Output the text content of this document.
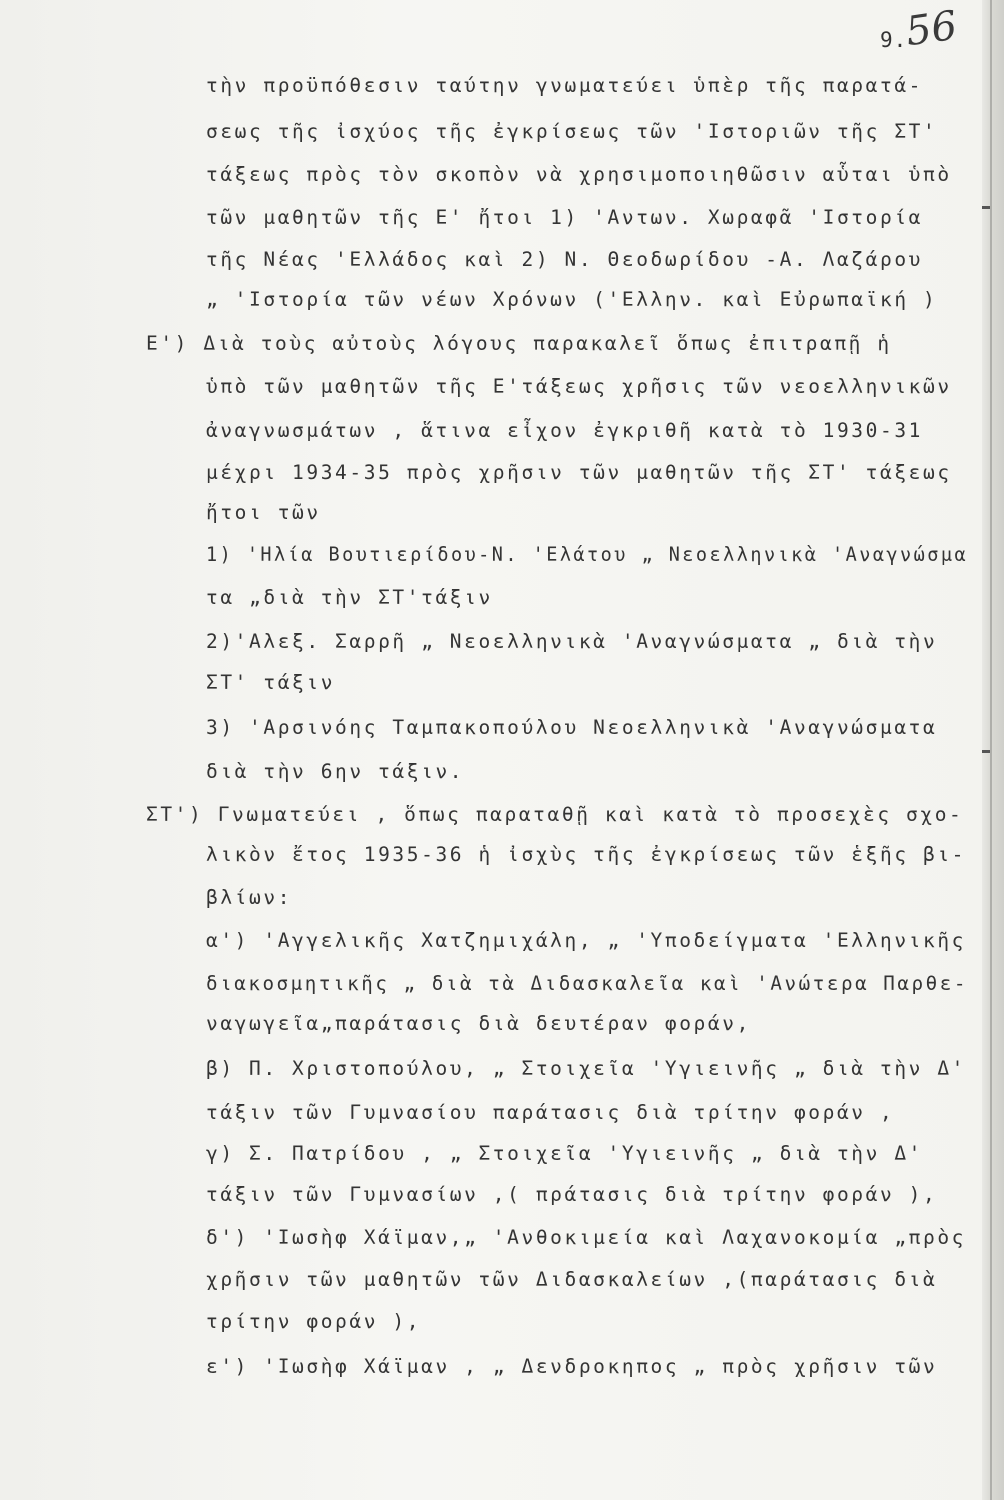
56
9.
τὴν προϋπόθεσιν ταύτην γνωματεύει ὑπὲρ τῆς παρατά-
σεως τῆς ἰσχύος τῆς ἐγκρίσεως τῶν 'Ιστοριῶν τῆς ΣΤ'
τάξεως πρὸς τὸν σκοπὸν νὰ χρησιμοποιηθῶσιν αὗται ὑπὸ
τῶν μαθητῶν τῆς Ε' ἤτοι 1) 'Αντων. Χωραφᾶ 'Ιστορία
τῆς Νέας 'Ελλάδος καὶ 2) Ν. Θεοδωρίδου -Α. Λαζάρου
„ 'Ιστορία τῶν νέων Χρόνων ('Ελλην. καὶ Εὐρωπαϊκή )
Ε') Διὰ τοὺς αὐτοὺς λόγους παρακαλεῖ ὅπως ἐπιτραπῇ ἡ
ὑπὸ τῶν μαθητῶν τῆς Ε'τάξεως χρῆσις τῶν νεοελληνικῶν
ἀναγνωσμάτων , ἅτινα εἶχον ἐγκριθῆ κατὰ τὸ 1930-31
μέχρι 1934-35 πρὸς χρῆσιν τῶν μαθητῶν τῆς ΣΤ' τάξεως
ἤτοι τῶν
1) 'Ηλία Βουτιερίδου-Ν. 'Ελάτου „ Νεοελληνικὰ 'Αναγνώσμα
τα „διὰ τὴν ΣΤ'τάξιν
2)'Αλεξ. Σαρρῆ „ Νεοελληνικὰ 'Αναγνώσματα „ διὰ τὴν
ΣΤ' τάξιν
3) 'Αρσινόης Ταμπακοπούλου Νεοελληνικὰ 'Αναγνώσματα
διὰ τὴν 6ην τάξιν.
ΣΤ') Γνωματεύει , ὅπως παραταθῇ καὶ κατὰ τὸ προσεχὲς σχο-
λικὸν ἔτος 1935-36 ἡ ἰσχὺς τῆς ἐγκρίσεως τῶν ἑξῆς βι-
βλίων:
α') 'Αγγελικῆς Χατζημιχάλη, „ 'Υποδείγματα 'Ελληνικῆς
διακοσμητικῆς „ διὰ τὰ Διδασκαλεῖα καὶ 'Ανώτερα Παρθε-
ναγωγεῖα„παράτασις διὰ δευτέραν φοράν,
β) Π. Χριστοπούλου, „ Στοιχεῖα 'Υγιεινῆς „ διὰ τὴν Δ'
τάξιν τῶν Γυμνασίου παράτασις διὰ τρίτην φοράν ,
γ) Σ. Πατρίδου , „ Στοιχεῖα 'Υγιεινῆς „ διὰ τὴν Δ'
τάξιν τῶν Γυμνασίων ,( πράτασις διὰ τρίτην φοράν ),
δ') 'Ιωσὴφ Χάϊμαν,„ 'Ανθοκιμεία καὶ Λαχανοκομία „πρὸς
χρῆσιν τῶν μαθητῶν τῶν Διδασκαλείων ,(παράτασις διὰ
τρίτην φοράν ),
ε') 'Ιωσὴφ Χάϊμαν , „ Δενδροκηπος „ πρὸς χρῆσιν τῶν
